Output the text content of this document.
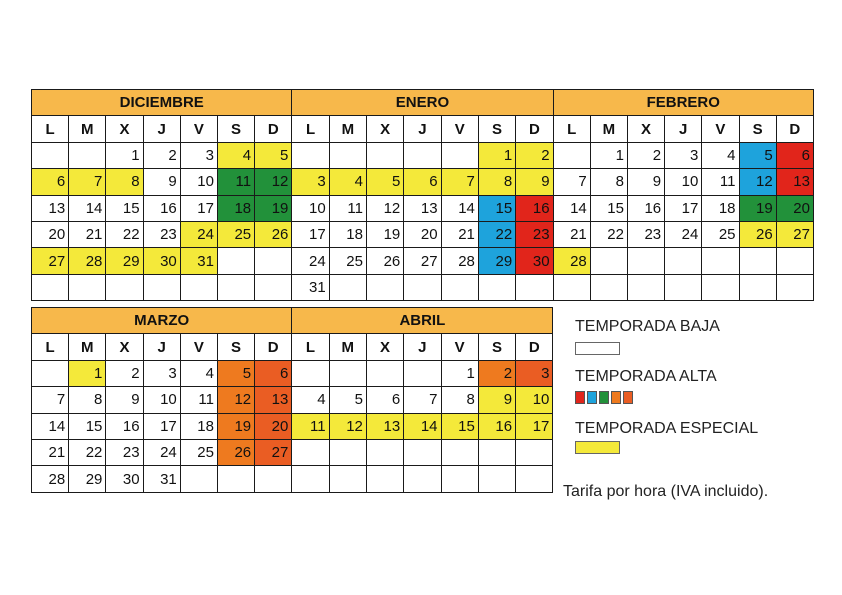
DICIEMBRE							ENERO							FEBRERO						
L	M	X	J	V	S	D	L	M	X	J	V	S	D	L	M	X	J	V	S	D
		1	2	3	4	5						1	2		1	2	3	4	5	6
6	7	8	9	10	11	12	3	4	5	6	7	8	9	7	8	9	10	11	12	13
13	14	15	16	17	18	19	10	11	12	13	14	15	16	14	15	16	17	18	19	20
20	21	22	23	24	25	26	17	18	19	20	21	22	23	21	22	23	24	25	26	27
27	28	29	30	31			24	25	26	27	28	29	30	28						
							31													
MARZO							ABRIL						
L	M	X	J	V	S	D	L	M	X	J	V	S	D
	1	2	3	4	5	6					1	2	3
7	8	9	10	11	12	13	4	5	6	7	8	9	10
14	15	16	17	18	19	20	11	12	13	14	15	16	17
21	22	23	24	25	26	27							
28	29	30	31										
TEMPORADA BAJA
TEMPORADA ALTA
TEMPORADA ESPECIAL
Tarifa por hora (IVA incluido).
